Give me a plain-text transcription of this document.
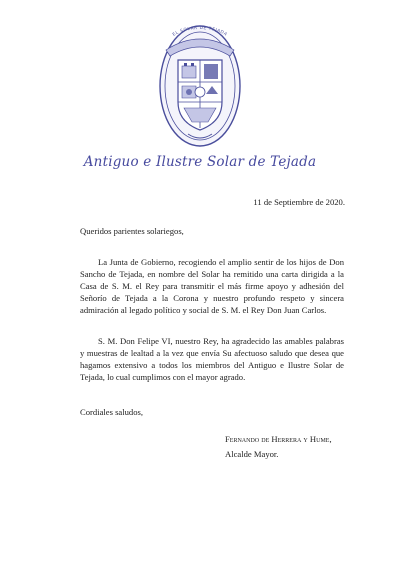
EL SOLAR DE TEJADA
Antiguo e Ilustre Solar de Tejada
11 de Septiembre de 2020.
Queridos parientes solariegos,

La Junta de Gobierno, recogiendo el amplio sentir de los hijos de Don Sancho de Tejada, en nombre del Solar ha remitido una carta dirigida a la Casa de S. M. el Rey para transmitir el más firme apoyo y adhesión del Señorío de Tejada a la Corona y nuestro profundo respeto y sincera admiración al legado político y social de S. M. el Rey Don Juan Carlos.

S. M. Don Felipe VI, nuestro Rey, ha agradecido las amables palabras y muestras de lealtad a la vez que envía Su afectuoso saludo que desea que hagamos extensivo a todos los miembros del Antiguo e Ilustre Solar de Tejada, lo cual cumplimos con el mayor agrado.

Cordiales saludos,
Fernando de Herrera y Hume,
Alcalde Mayor.
